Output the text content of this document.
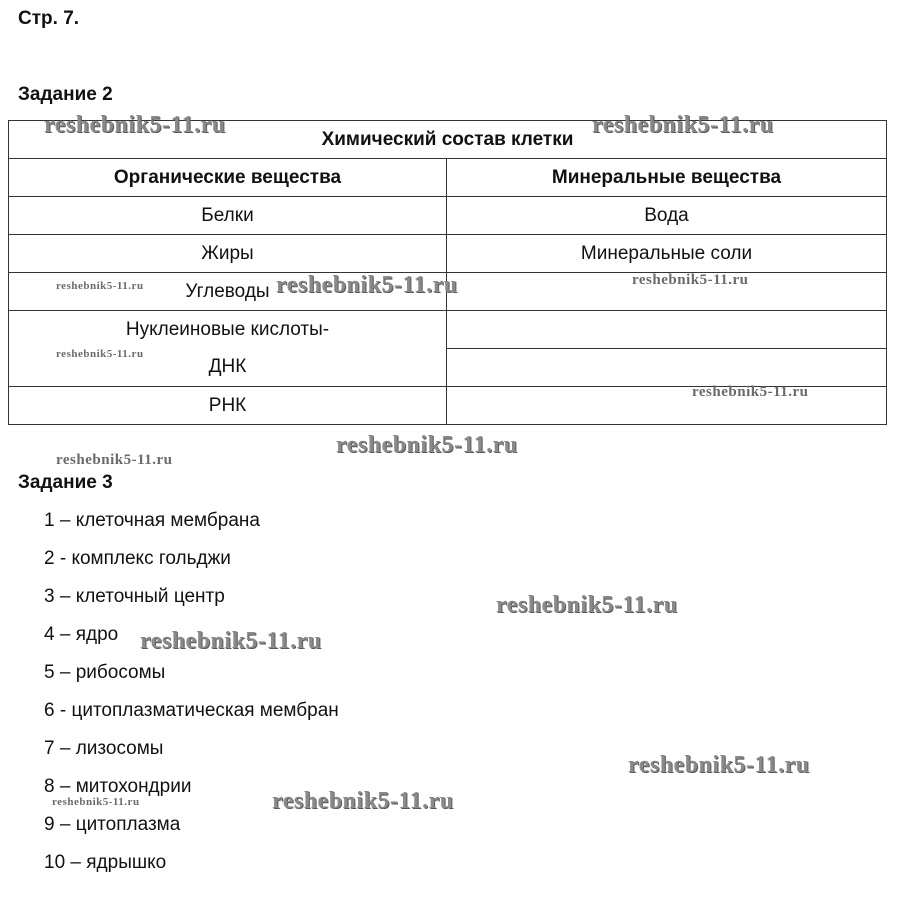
Стр. 7.
Задание 2
Химический состав клетки	
Органические вещества	Минеральные вещества
Белки	Вода
Жиры	Минеральные соли
Углеводы	
Нуклеиновые кислоты-	
ДНК	
РНК	
Задание 3
1 – клеточная мембрана
2 - комплекс гольджи
3 – клеточный центр
4 – ядро
5 – рибосомы
6 - цитоплазматическая мембран
7 – лизосомы
8 – митохондрии
9 – цитоплазма
10 – ядрышко
reshebnik5-11.ru	reshebnik5-11.ru
reshebnik5-11.ru	reshebnik5-11.ru	reshebnik5-11.ru
reshebnik5-11.ru
reshebnik5-11.ru
reshebnik5-11.ru
reshebnik5-11.ru
reshebnik5-11.ru
reshebnik5-11.ru
reshebnik5-11.ru
reshebnik5-11.ru
reshebnik5-11.ru
